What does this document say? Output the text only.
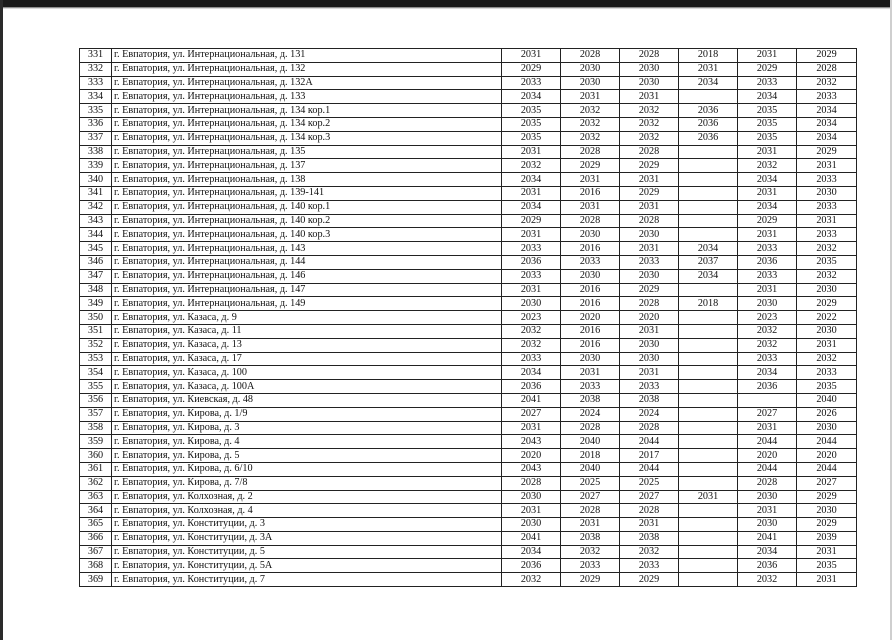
331	г. Евпатория, ул. Интернациональная, д. 131	2031	2028	2028	2018	2031	2029
332	г. Евпатория, ул. Интернациональная, д. 132	2029	2030	2030	2031	2029	2028
333	г. Евпатория, ул. Интернациональная, д. 132А	2033	2030	2030	2034	2033	2032
334	г. Евпатория, ул. Интернациональная, д. 133	2034	2031	2031		2034	2033
335	г. Евпатория, ул. Интернациональная, д. 134 кор.1	2035	2032	2032	2036	2035	2034
336	г. Евпатория, ул. Интернациональная, д. 134 кор.2	2035	2032	2032	2036	2035	2034
337	г. Евпатория, ул. Интернациональная, д. 134 кор.3	2035	2032	2032	2036	2035	2034
338	г. Евпатория, ул. Интернациональная, д. 135	2031	2028	2028		2031	2029
339	г. Евпатория, ул. Интернациональная, д. 137	2032	2029	2029		2032	2031
340	г. Евпатория, ул. Интернациональная, д. 138	2034	2031	2031		2034	2033
341	г. Евпатория, ул. Интернациональная, д. 139-141	2031	2016	2029		2031	2030
342	г. Евпатория, ул. Интернациональная, д. 140 кор.1	2034	2031	2031		2034	2033
343	г. Евпатория, ул. Интернациональная, д. 140 кор.2	2029	2028	2028		2029	2031
344	г. Евпатория, ул. Интернациональная, д. 140 кор.3	2031	2030	2030		2031	2033
345	г. Евпатория, ул. Интернациональная, д. 143	2033	2016	2031	2034	2033	2032
346	г. Евпатория, ул. Интернациональная, д. 144	2036	2033	2033	2037	2036	2035
347	г. Евпатория, ул. Интернациональная, д. 146	2033	2030	2030	2034	2033	2032
348	г. Евпатория, ул. Интернациональная, д. 147	2031	2016	2029		2031	2030
349	г. Евпатория, ул. Интернациональная, д. 149	2030	2016	2028	2018	2030	2029
350	г. Евпатория, ул. Казаса, д. 9	2023	2020	2020		2023	2022
351	г. Евпатория, ул. Казаса, д. 11	2032	2016	2031		2032	2030
352	г. Евпатория, ул. Казаса, д. 13	2032	2016	2030		2032	2031
353	г. Евпатория, ул. Казаса, д. 17	2033	2030	2030		2033	2032
354	г. Евпатория, ул. Казаса, д. 100	2034	2031	2031		2034	2033
355	г. Евпатория, ул. Казаса, д. 100А	2036	2033	2033		2036	2035
356	г. Евпатория, ул. Киевская, д. 48	2041	2038	2038			2040
357	г. Евпатория, ул. Кирова, д. 1/9	2027	2024	2024		2027	2026
358	г. Евпатория, ул. Кирова, д. 3	2031	2028	2028		2031	2030
359	г. Евпатория, ул. Кирова, д. 4	2043	2040	2044		2044	2044
360	г. Евпатория, ул. Кирова, д. 5	2020	2018	2017		2020	2020
361	г. Евпатория, ул. Кирова, д. 6/10	2043	2040	2044		2044	2044
362	г. Евпатория, ул. Кирова, д. 7/8	2028	2025	2025		2028	2027
363	г. Евпатория, ул. Колхозная, д. 2	2030	2027	2027	2031	2030	2029
364	г. Евпатория, ул. Колхозная, д. 4	2031	2028	2028		2031	2030
365	г. Евпатория, ул. Конституции, д. 3	2030	2031	2031		2030	2029
366	г. Евпатория, ул. Конституции, д. 3А	2041	2038	2038		2041	2039
367	г. Евпатория, ул. Конституции, д. 5	2034	2032	2032		2034	2031
368	г. Евпатория, ул. Конституции, д. 5А	2036	2033	2033		2036	2035
369	г. Евпатория, ул. Конституции, д. 7	2032	2029	2029		2032	2031
